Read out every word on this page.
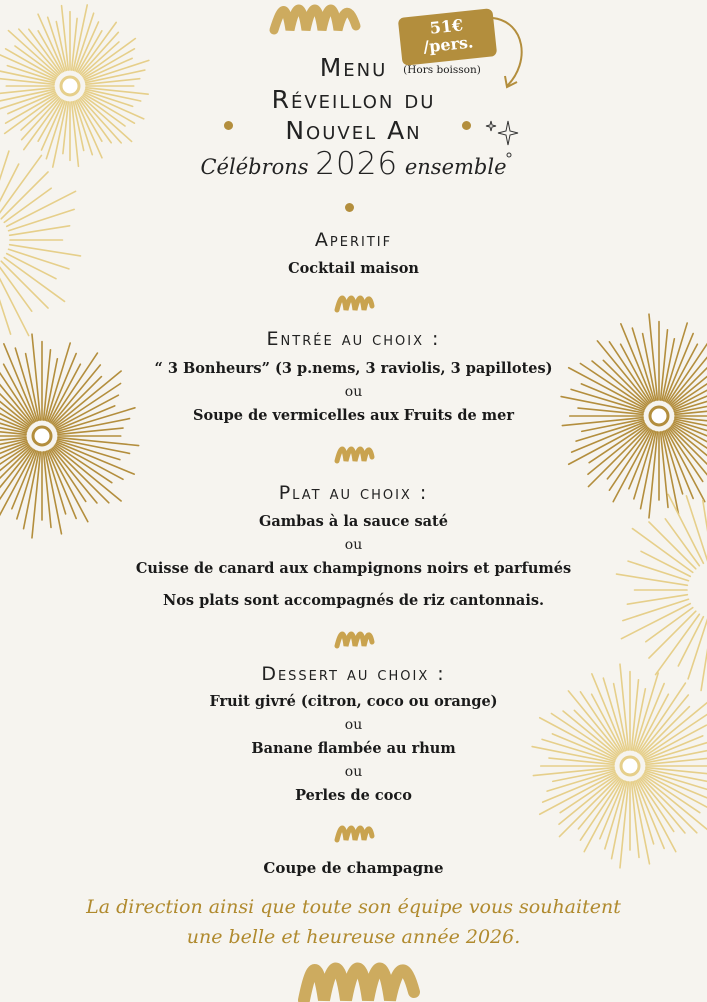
51€
/pers.
(Hors boisson)
Menu
Réveillon du
Nouvel An
Célébrons 2026 ensemble
Aperitif
Cocktail maison
Entrée au choix :
“ 3 Bonheurs” (3 p.nems, 3 raviolis, 3 papillotes)
ou
Soupe de vermicelles aux Fruits de mer
Plat au choix :
Gambas à la sauce saté
ou
Cuisse de canard aux champignons noirs et parfumés
Nos plats sont accompagnés de riz cantonnais.
Dessert au choix :
Fruit givré (citron, coco ou orange)
ou
Banane flambée au rhum
ou
Perles de coco
Coupe de champagne
La direction ainsi que toute son équipe vous souhaitent
une belle et heureuse année 2026.
